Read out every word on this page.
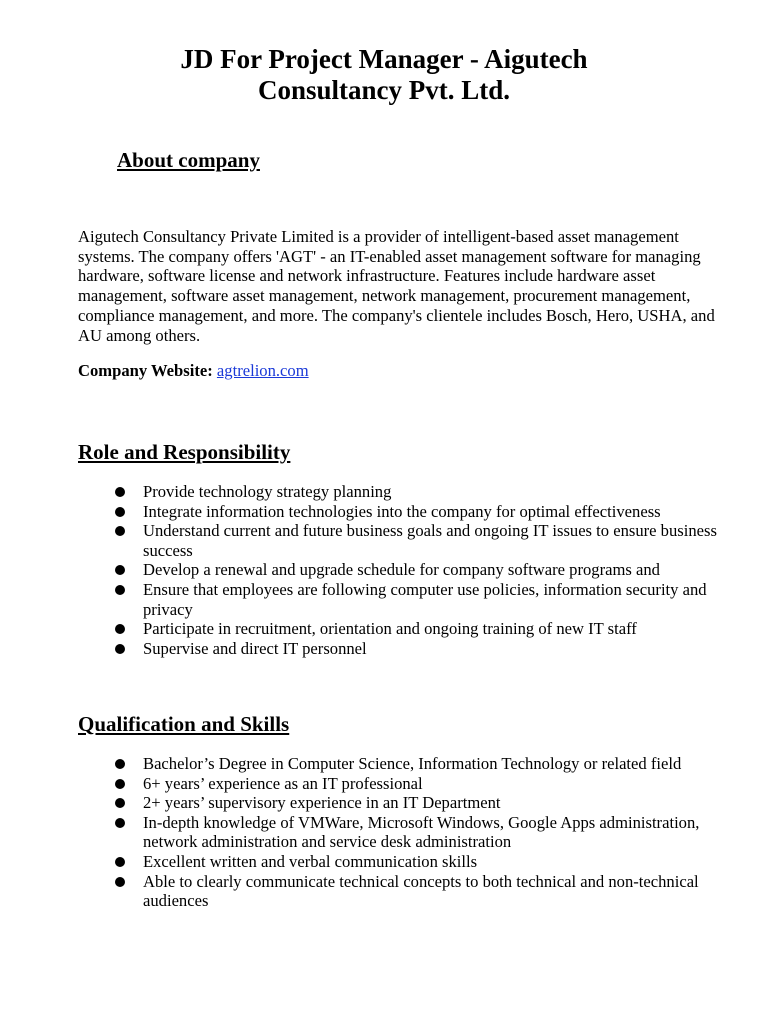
JD For Project Manager - Aigutech
Consultancy Pvt. Ltd.
About company

Aigutech Consultancy Private Limited is a provider of intelligent-based asset management systems. The company offers 'AGT' - an IT-enabled asset management software for managing hardware, software license and network infrastructure. Features include hardware asset management, software asset management, network management, procurement management, compliance management, and more. The company's clientele includes Bosch, Hero, USHA, and AU among others.

Company Website: agtrelion.com

Role and Responsibility
Provide technology strategy planning
Integrate information technologies into the company for optimal effectiveness
Understand current and future business goals and ongoing IT issues to ensure business success
Develop a renewal and upgrade schedule for company software programs and
Ensure that employees are following computer use policies, information security and privacy
Participate in recruitment, orientation and ongoing training of new IT staff
Supervise and direct IT personnel
Qualification and Skills
Bachelor’s Degree in Computer Science, Information Technology or related field
6+ years’ experience as an IT professional
2+ years’ supervisory experience in an IT Department
In-depth knowledge of VMWare, Microsoft Windows, Google Apps administration, network administration and service desk administration
Excellent written and verbal communication skills
Able to clearly communicate technical concepts to both technical and non-technical audiences
